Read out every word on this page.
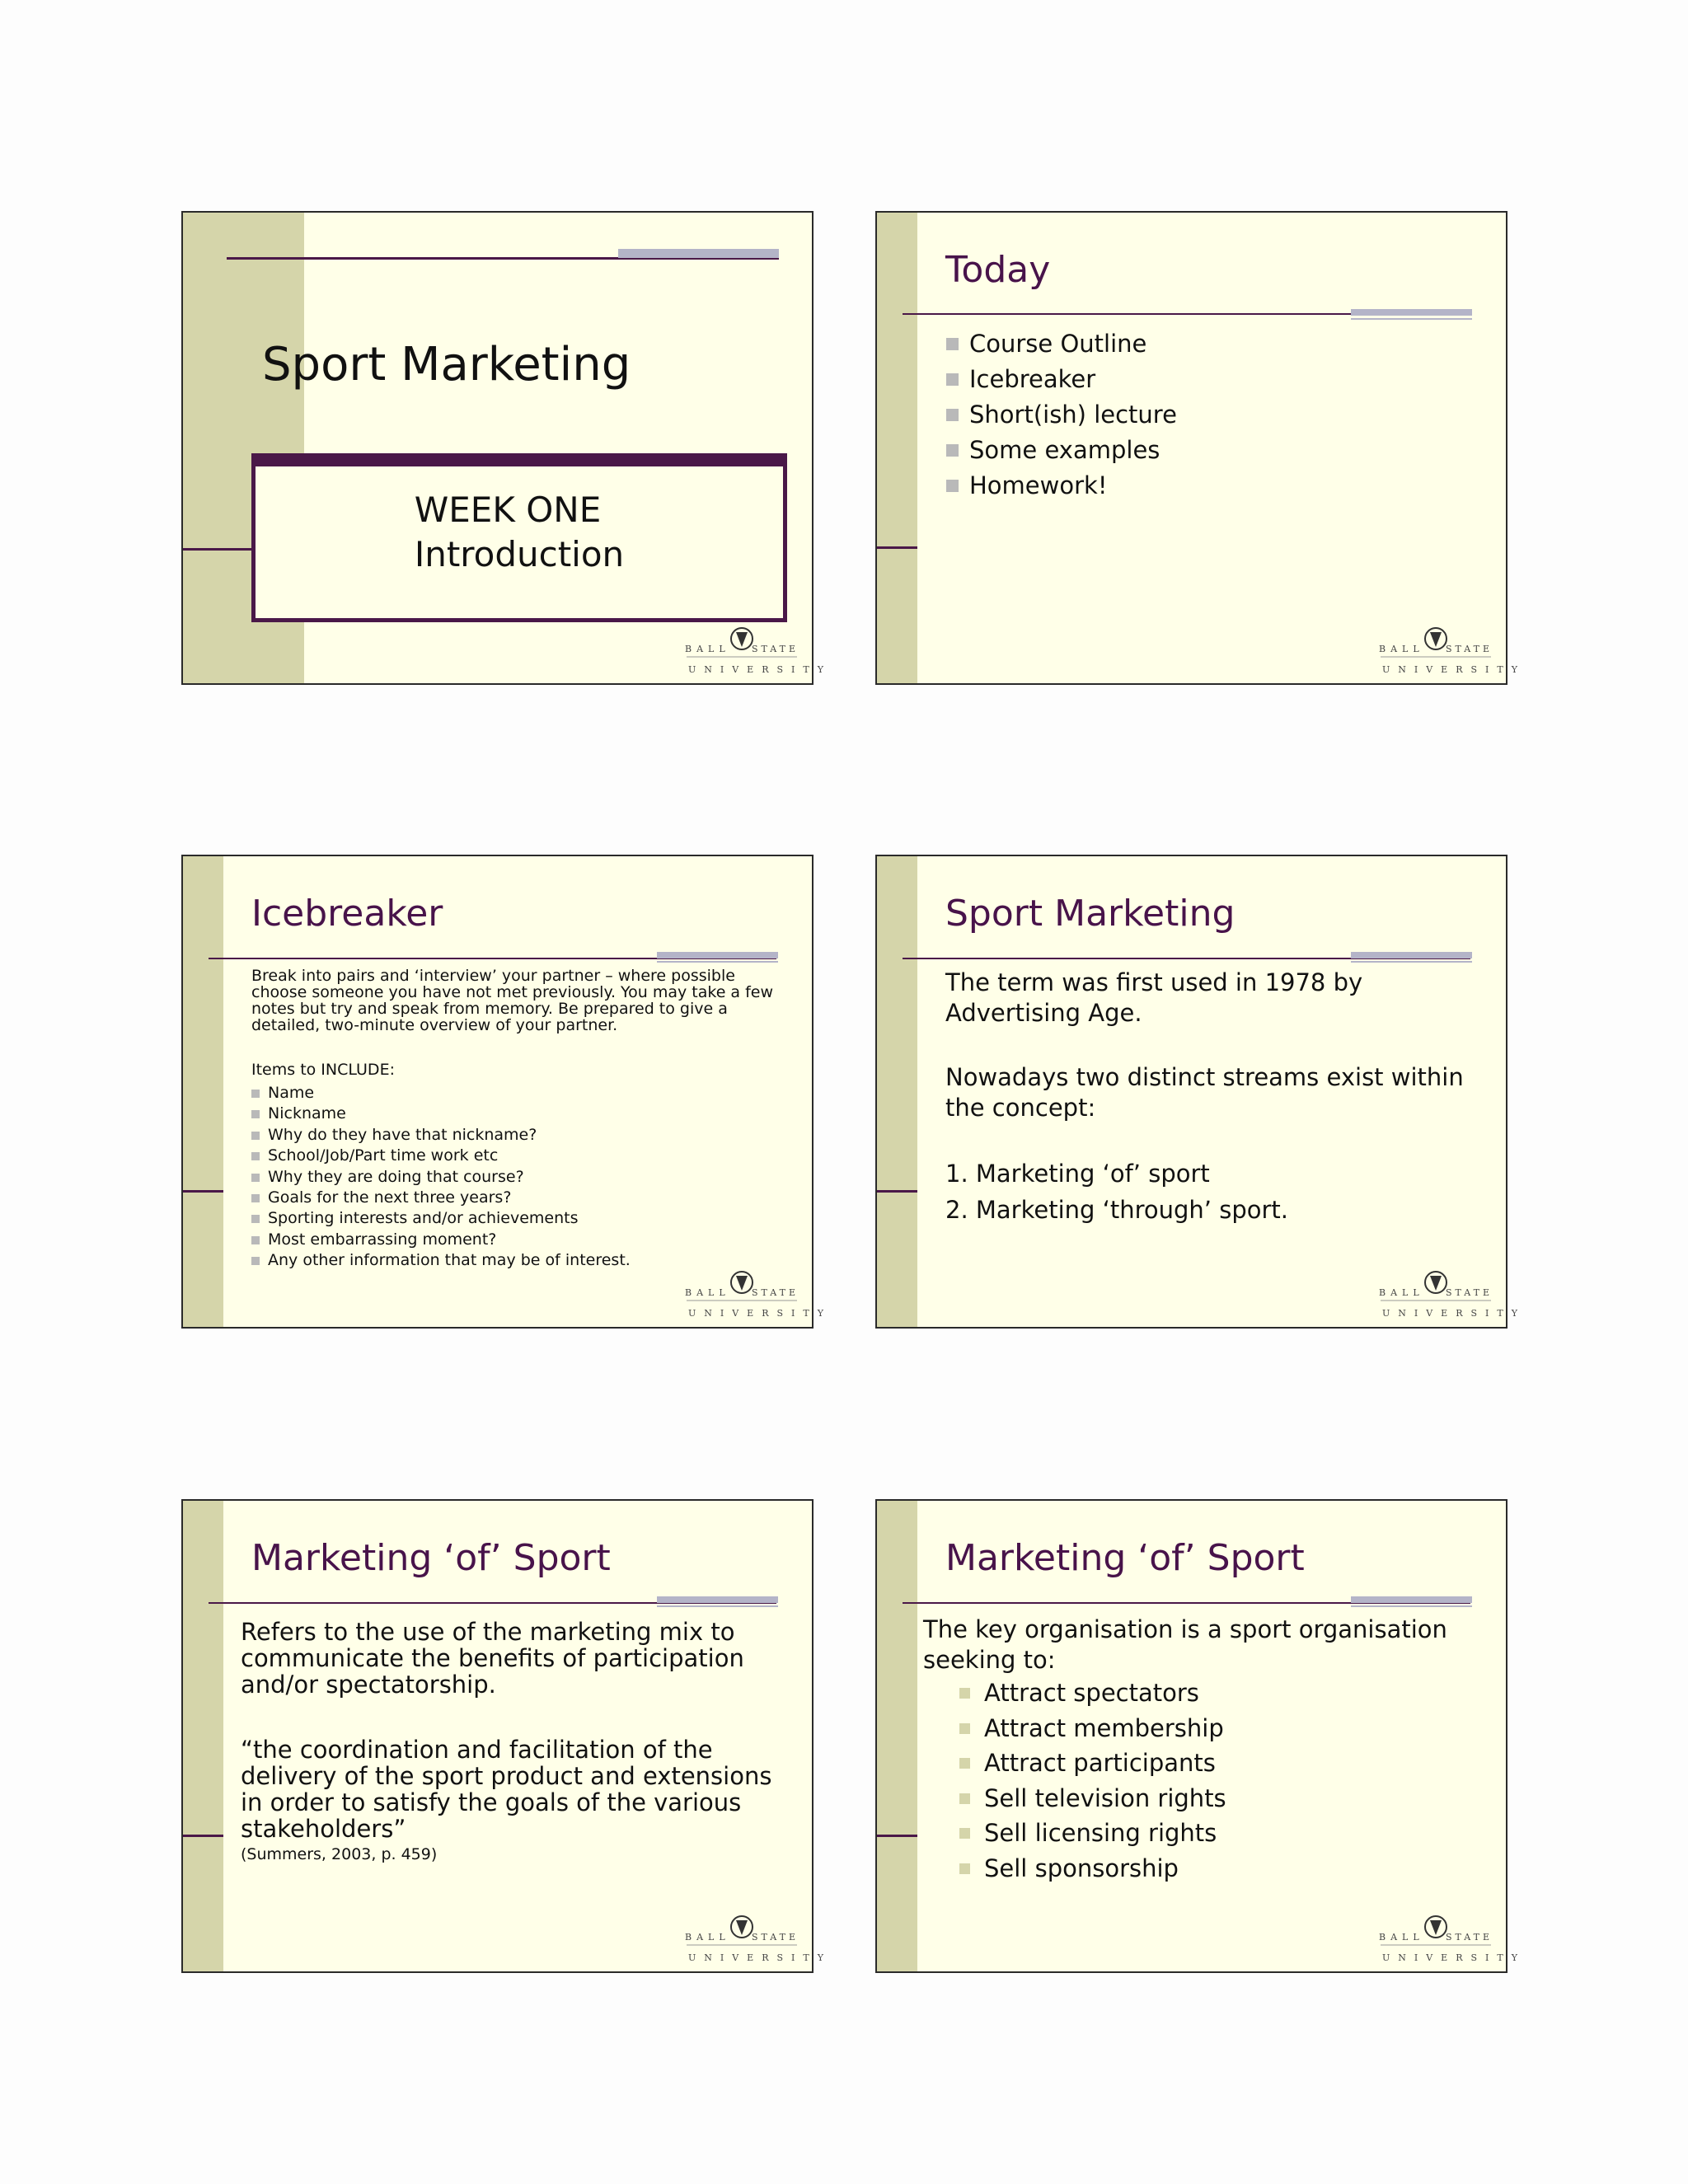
Sport Marketing
WEEK ONE
Introduction
BALL STATE
UNIVERSITY
Today
Course Outline
Icebreaker
Short(ish) lecture
Some examples
Homework!
BALL STATE
UNIVERSITY
Icebreaker
Break into pairs and ‘interview’ your partner – where possible choose someone you have not met previously. You may take a few notes but try and speak from memory. Be prepared to give a detailed, two-minute overview of your partner.
Items to INCLUDE:
Name
Nickname
Why do they have that nickname?
School/Job/Part time work etc
Why they are doing that course?
Goals for the next three years?
Sporting interests and/or achievements
Most embarrassing moment?
Any other information that may be of interest.
BALL STATE
UNIVERSITY
Sport Marketing
The term was first used in 1978 by Advertising Age.
Nowadays two distinct streams exist within the concept:
1. Marketing ‘of’ sport
2. Marketing ‘through’ sport.
BALL STATE
UNIVERSITY
Marketing ‘of’ Sport
Refers to the use of the marketing mix to communicate the benefits of participation and/or spectatorship.
“the coordination and facilitation of the delivery of the sport product and extensions in order to satisfy the goals of the various stakeholders”
(Summers, 2003, p. 459)
BALL STATE
UNIVERSITY
Marketing ‘of’ Sport
The key organisation is a sport organisation seeking to:
Attract spectators
Attract membership
Attract participants
Sell television rights
Sell licensing rights
Sell sponsorship
BALL STATE
UNIVERSITY
